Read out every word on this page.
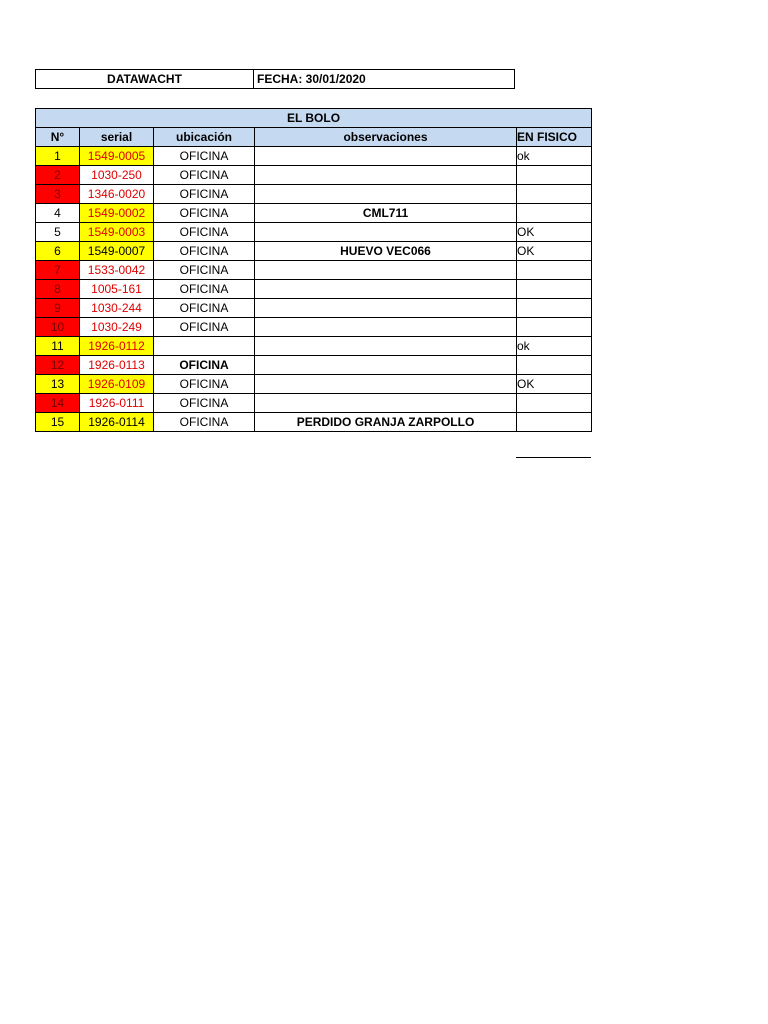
DATAWACHT	FECHA: 30/01/2020
EL BOLO				
N°	serial	ubicación	observaciones	EN FISICO
1	1549-0005	OFICINA		ok
2	1030-250	OFICINA		
3	1346-0020	OFICINA		
4	1549-0002	OFICINA	CML711	
5	1549-0003	OFICINA		OK
6	1549-0007	OFICINA	HUEVO VEC066	OK
7	1533-0042	OFICINA		
8	1005-161	OFICINA		
9	1030-244	OFICINA		
10	1030-249	OFICINA		
11	1926-0112			ok
12	1926-0113	OFICINA		
13	1926-0109	OFICINA		OK
14	1926-0111	OFICINA		
15	1926-0114	OFICINA	PERDIDO GRANJA ZARPOLLO	
